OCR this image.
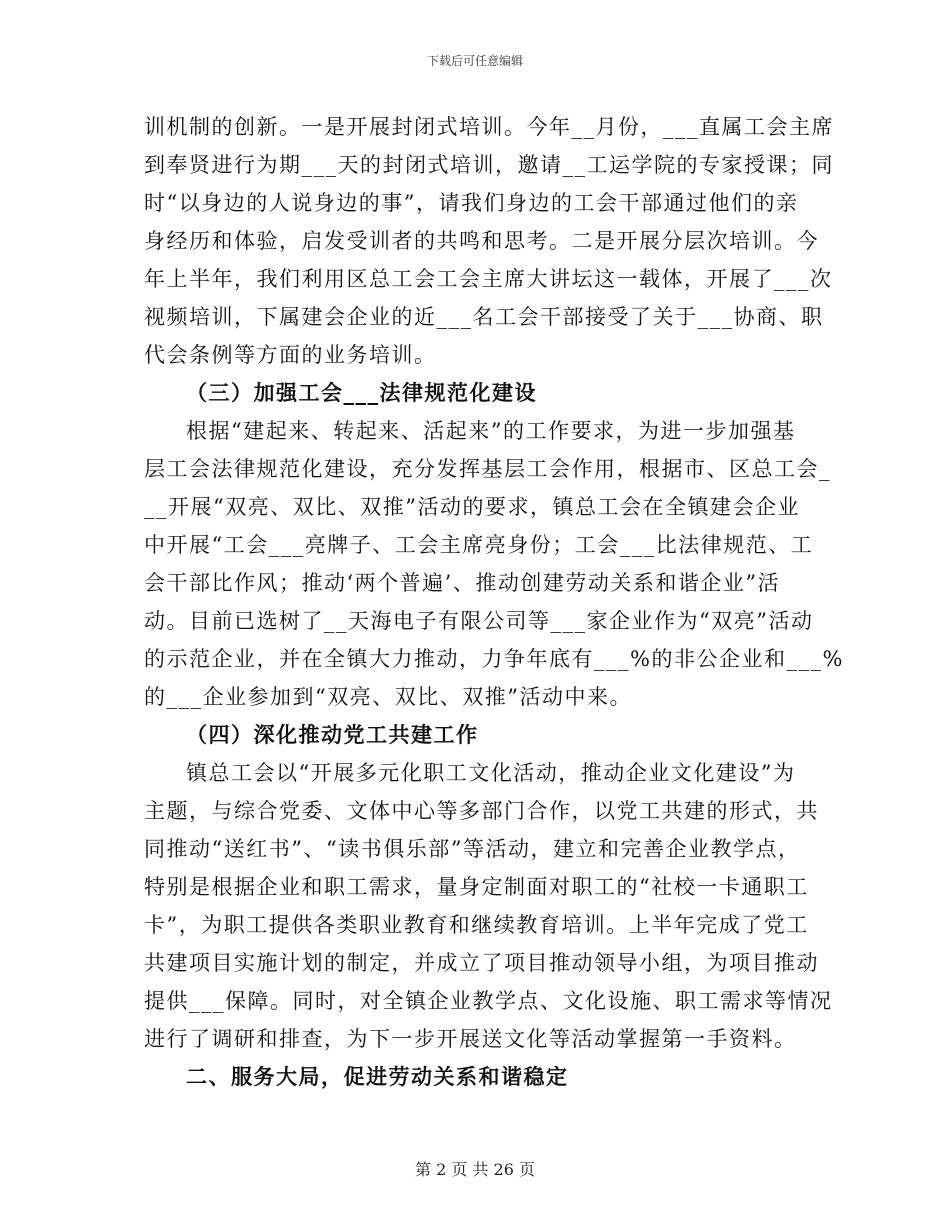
下载后可任意编辑
训机制的创新。一是开展封闭式培训。今年__月份，___直属工会主席
到奉贤进行为期___天的封闭式培训，邀请__工运学院的专家授课；同
时“以身边的人说身边的事”，请我们身边的工会干部通过他们的亲
身经历和体验，启发受训者的共鸣和思考。二是开展分层次培训。今
年上半年，我们利用区总工会工会主席大讲坛这一载体，开展了___次
视频培训，下属建会企业的近___名工会干部接受了关于___协商、职
代会条例等方面的业务培训。
（三）加强工会___法律规范化建设
根据“建起来、转起来、活起来”的工作要求，为进一步加强基
层工会法律规范化建设，充分发挥基层工会作用，根据市、区总工会_
__开展“双亮、双比、双推”活动的要求，镇总工会在全镇建会企业
中开展“工会___亮牌子、工会主席亮身份；工会___比法律规范、工
会干部比作风；推动‘两个普遍’、推动创建劳动关系和谐企业”活
动。目前已选树了__天海电子有限公司等___家企业作为“双亮”活动
的示范企业，并在全镇大力推动，力争年底有___%的非公企业和___%
的___企业参加到“双亮、双比、双推”活动中来。
（四）深化推动党工共建工作
镇总工会以“开展多元化职工文化活动，推动企业文化建设”为
主题，与综合党委、文体中心等多部门合作，以党工共建的形式，共
同推动“送红书”、“读书俱乐部”等活动，建立和完善企业教学点，
特别是根据企业和职工需求，量身定制面对职工的“社校一卡通职工
卡”，为职工提供各类职业教育和继续教育培训。上半年完成了党工
共建项目实施计划的制定，并成立了项目推动领导小组，为项目推动
提供___保障。同时，对全镇企业教学点、文化设施、职工需求等情况
进行了调研和排查，为下一步开展送文化等活动掌握第一手资料。
二、服务大局，促进劳动关系和谐稳定
第 2 页 共 26 页
